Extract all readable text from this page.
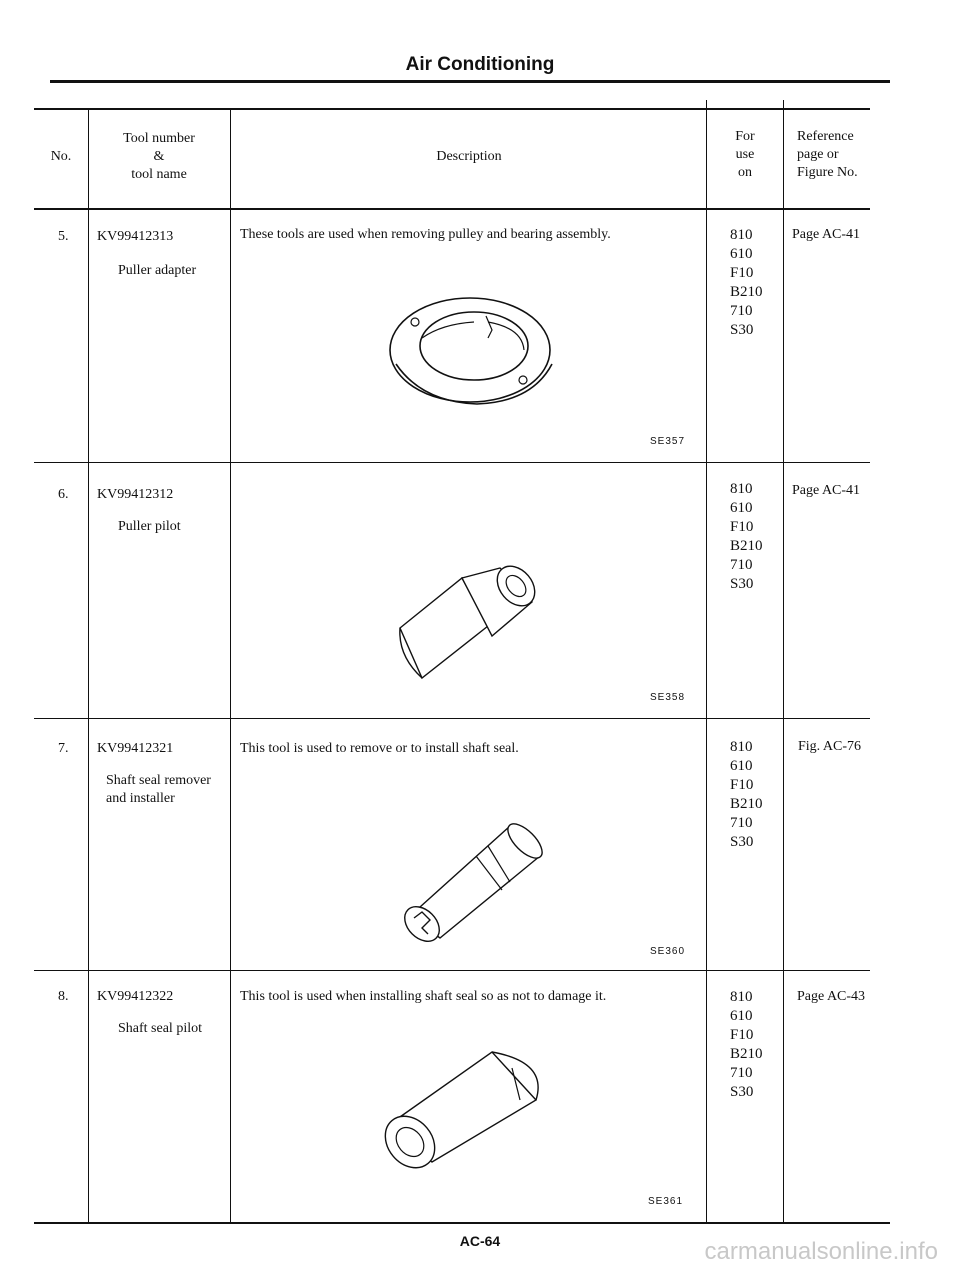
Air Conditioning
No.
Tool number
&
tool name
Description
For
use
on
Reference
page or
Figure No.
5. KV99412313
Puller adapter
These tools are used when removing pulley and bearing assembly.
SE357
810
610
F10
B210
710
S30
Page AC-41
6. KV99412312
Puller pilot
SE358
810
610
F10
B210
710
S30
Page AC-41
7. KV99412321
Shaft seal remover
and installer
This tool is used to remove or to install shaft seal.
SE360
810
610
F10
B210
710
S30
Fig. AC-76
8. KV99412322
Shaft seal pilot
This tool is used when installing shaft seal so as not to damage it.
SE361
810
610
F10
B210
710
S30
Page AC-43
AC-64	carmanualsonline.info
